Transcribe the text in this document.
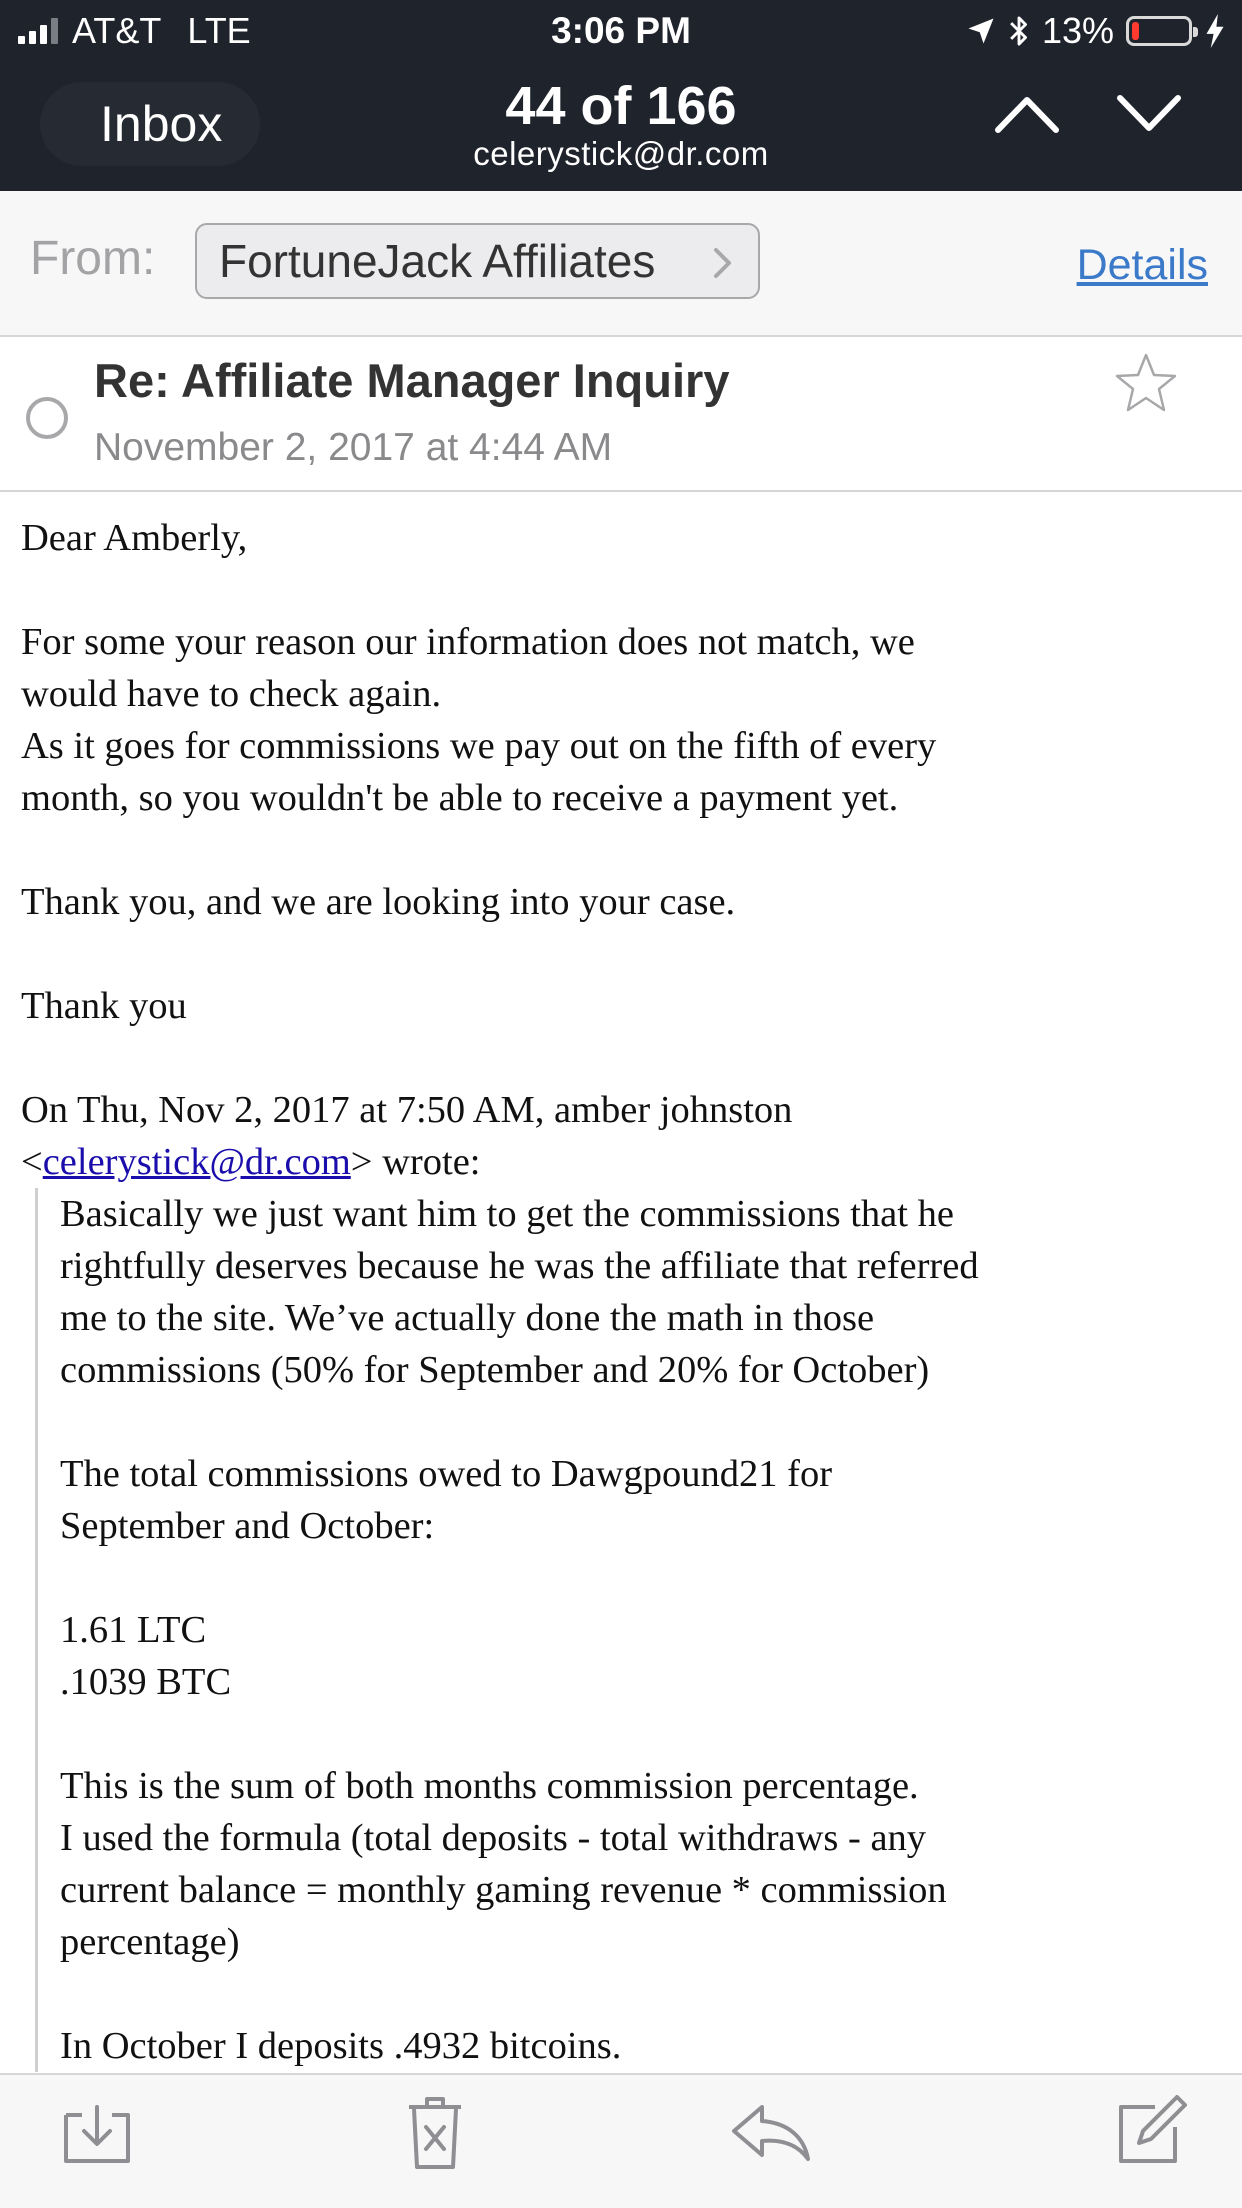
AT&T LTE	3:06 PM	13%
Inbox	44 of 166
celerystick@dr.com
From:	FortuneJack Affiliates	Details
Re: Affiliate Manager Inquiry
November 2, 2017 at 4:44 AM

Dear Amberly,

For some your reason our information does not match, we

would have to check again.

As it goes for commissions we pay out on the fifth of every

month, so you wouldn't be able to receive a payment yet.

Thank you, and we are looking into your case.

Thank you

On Thu, Nov 2, 2017 at 7:50 AM, amber johnston

<celerystick@dr.com> wrote:

Basically we just want him to get the commissions that he

rightfully deserves because he was the affiliate that referred

me to the site. We’ve actually done the math in those

commissions (50% for September and 20% for October)

The total commissions owed to Dawgpound21 for

September and October:

1.61 LTC

.1039 BTC

This is the sum of both months commission percentage.

I used the formula (total deposits - total withdraws - any

current balance = monthly gaming revenue * commission

percentage)

In October I deposits .4932 bitcoins.
